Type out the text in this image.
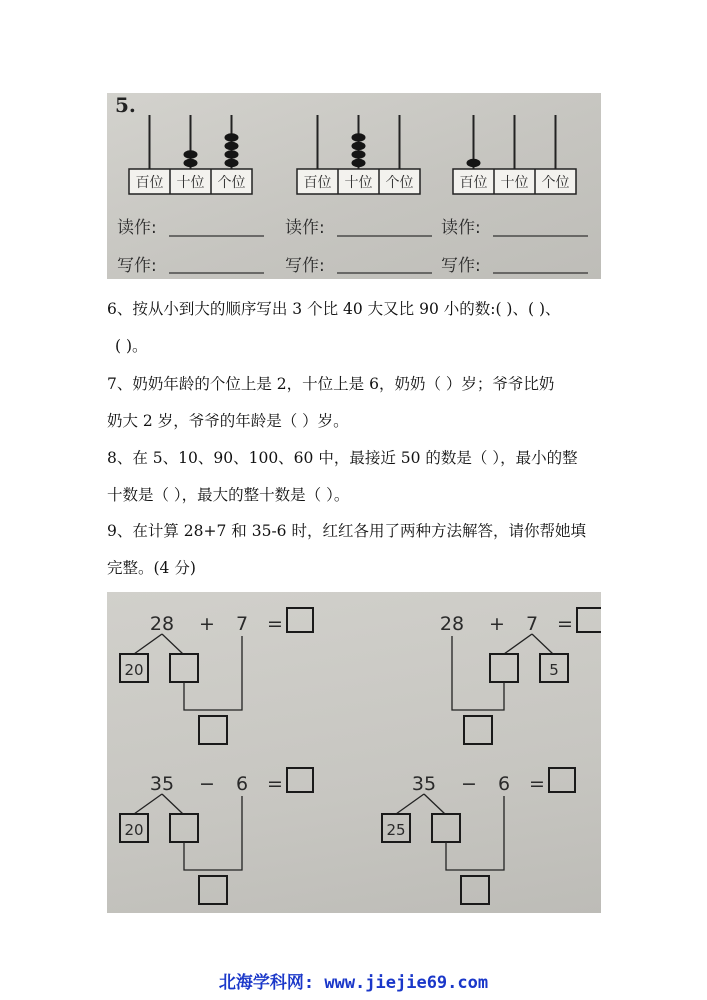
5.
百位 十位 个位
读作:
写作:
百位 十位 个位
读作:
写作:
百位 十位 个位
读作:
写作:
6、按从小到大的顺序写出 3 个比 40 大又比 90 小的数:( )、( )、
( )。
7、奶奶年龄的个位上是 2，十位上是 6，奶奶（ ）岁；爷爷比奶
奶大 2 岁，爷爷的年龄是（ ）岁。
8、在 5、10、90、100、60 中，最接近 50 的数是（ ），最小的整
十数是（ ），最大的整十数是（ ）。
9、在计算 28+7 和 35-6 时，红红各用了两种方法解答，请你帮她填
完整。(4 分)
28 + 7 =
20
28 + 7 =
5
35 − 6 =
20
35 − 6 =
25
北海学科网: www.jiejie69.com
